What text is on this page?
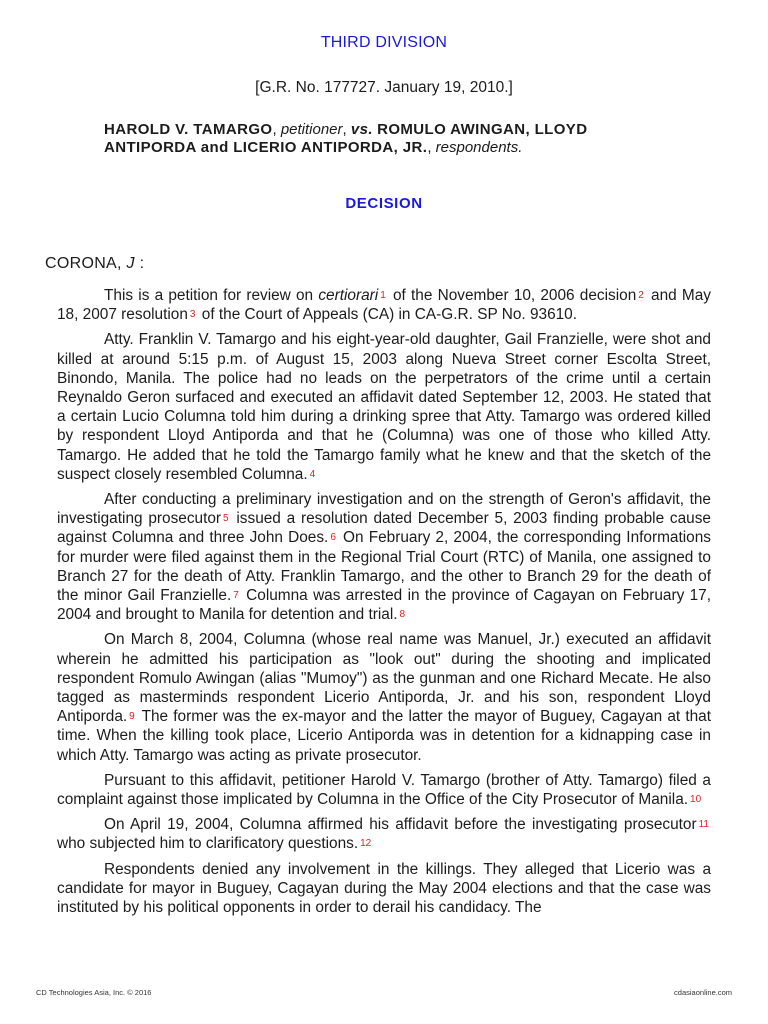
THIRD DIVISION
[G.R. No. 177727. January 19, 2010.]
HAROLD V. TAMARGO, petitioner, vs. ROMULO AWINGAN, LLOYD ANTIPORDA and LICERIO ANTIPORDA, JR., respondents.
DECISION
CORONA, J :

This is a petition for review on certiorari 1 of the November 10, 2006 decision 2 and May 18, 2007 resolution 3 of the Court of Appeals (CA) in CA-G.R. SP No. 93610.

Atty. Franklin V. Tamargo and his eight-year-old daughter, Gail Franzielle, were shot and killed at around 5:15 p.m. of August 15, 2003 along Nueva Street corner Escolta Street, Binondo, Manila. The police had no leads on the perpetrators of the crime until a certain Reynaldo Geron surfaced and executed an affidavit dated September 12, 2003. He stated that a certain Lucio Columna told him during a drinking spree that Atty. Tamargo was ordered killed by respondent Lloyd Antiporda and that he (Columna) was one of those who killed Atty. Tamargo. He added that he told the Tamargo family what he knew and that the sketch of the suspect closely resembled Columna. 4

After conducting a preliminary investigation and on the strength of Geron's affidavit, the investigating prosecutor 5 issued a resolution dated December 5, 2003 finding probable cause against Columna and three John Does. 6 On February 2, 2004, the corresponding Informations for murder were filed against them in the Regional Trial Court (RTC) of Manila, one assigned to Branch 27 for the death of Atty. Franklin Tamargo, and the other to Branch 29 for the death of the minor Gail Franzielle. 7 Columna was arrested in the province of Cagayan on February 17, 2004 and brought to Manila for detention and trial. 8

On March 8, 2004, Columna (whose real name was Manuel, Jr.) executed an affidavit wherein he admitted his participation as "look out" during the shooting and implicated respondent Romulo Awingan (alias "Mumoy") as the gunman and one Richard Mecate. He also tagged as masterminds respondent Licerio Antiporda, Jr. and his son, respondent Lloyd Antiporda. 9 The former was the ex-mayor and the latter the mayor of Buguey, Cagayan at that time. When the killing took place, Licerio Antiporda was in detention for a kidnapping case in which Atty. Tamargo was acting as private prosecutor.

Pursuant to this affidavit, petitioner Harold V. Tamargo (brother of Atty. Tamargo) filed a complaint against those implicated by Columna in the Office of the City Prosecutor of Manila. 10

On April 19, 2004, Columna affirmed his affidavit before the investigating prosecutor 11 who subjected him to clarificatory questions. 12

Respondents denied any involvement in the killings. They alleged that Licerio was a candidate for mayor in Buguey, Cagayan during the May 2004 elections and that the case was instituted by his political opponents in order to derail his candidacy. The

CD Technologies Asia, Inc. © 2016	cdasiaonline.com
